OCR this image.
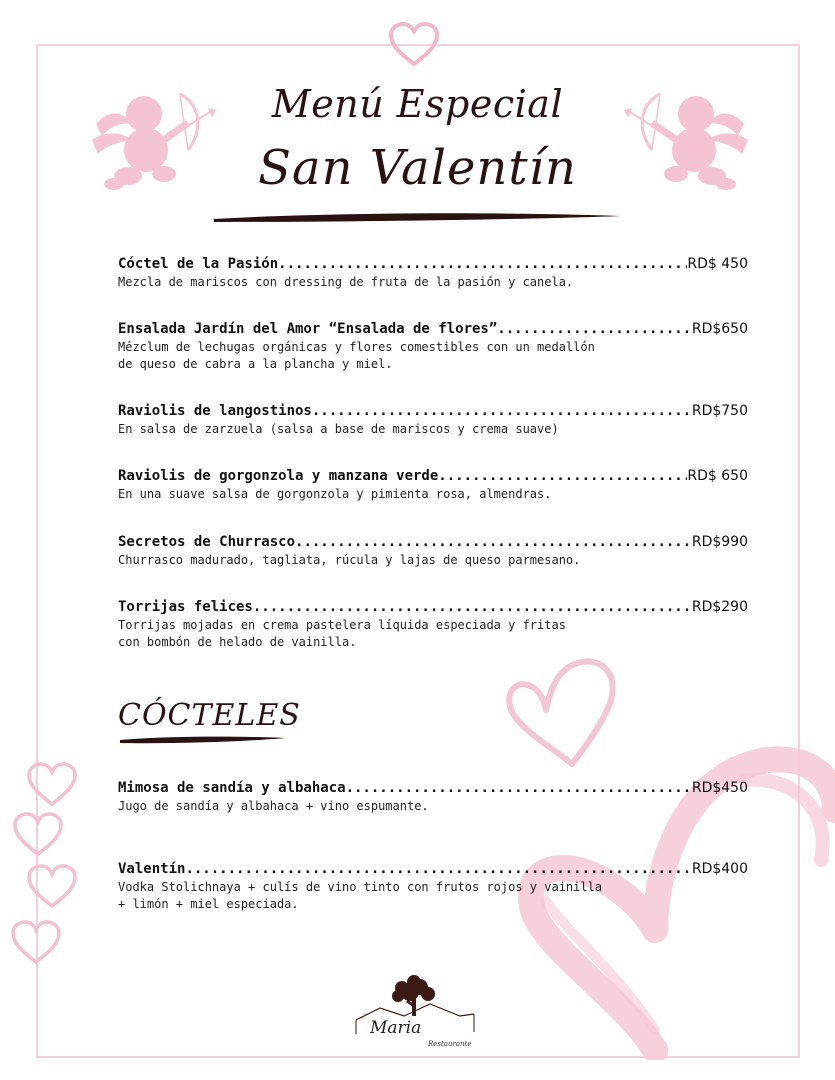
Menú Especial
San Valentín
Cóctel de la Pasión .....	RD$ 450
Mezcla de mariscos con dressing de fruta de la pasión y canela.
Ensalada Jardín del Amor “Ensalada de flores” .....	RD$650
Mézclum de lechugas orgánicas y flores comestibles con un medallón
de queso de cabra a la plancha y miel.
Raviolis de langostinos .....	RD$750
En salsa de zarzuela (salsa a base de mariscos y crema suave)
Raviolis de gorgonzola y manzana verde .....	RD$ 650
En una suave salsa de gorgonzola y pimienta rosa, almendras.
Secretos de Churrasco .....	RD$990
Churrasco madurado, tagliata, rúcula y lajas de queso parmesano.
Torrijas felices .....	RD$290
Torrijas mojadas en crema pastelera líquida especiada y fritas
con bombón de helado de vainilla.
CÓCTELES
Mimosa de sandía y albahaca .....	RD$450
Jugo de sandía y albahaca + vino espumante.
Valentín .....	RD$400
Vodka Stolichnaya + culís de vino tinto con frutos rojos y vainilla
+ limón + miel especiada.
Maria
Restaurante
